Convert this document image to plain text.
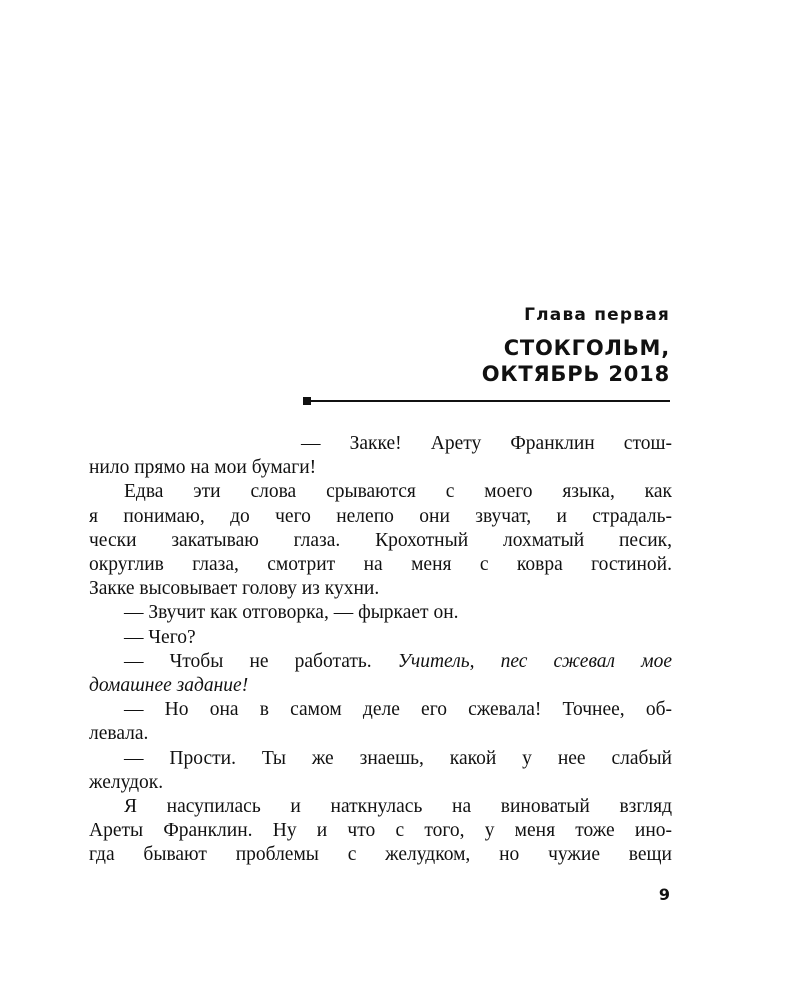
Глава первая
СТОКГОЛЬМ,
ОКТЯБРЬ 2018
— Закке! Арету Франклин стош-
нило прямо на мои бумаги!
Едва эти слова срываются с моего языка, как
я понимаю, до чего нелепо они звучат, и страдаль-
чески закатываю глаза. Крохотный лохматый песик,
округлив глаза, смотрит на меня с ковра гостиной.
Закке высовывает голову из кухни.
— Звучит как отговорка, — фыркает он.
— Чего?
— Чтобы не работать. Учитель, пес сжевал мое
домашнее задание!
— Но она в самом деле его сжевала! Точнее, об-
левала.
— Прости. Ты же знаешь, какой у нее слабый
желудок.
Я насупилась и наткнулась на виноватый взгляд
Ареты Франклин. Ну и что с того, у меня тоже ино-
гда бывают проблемы с желудком, но чужие вещи
9
